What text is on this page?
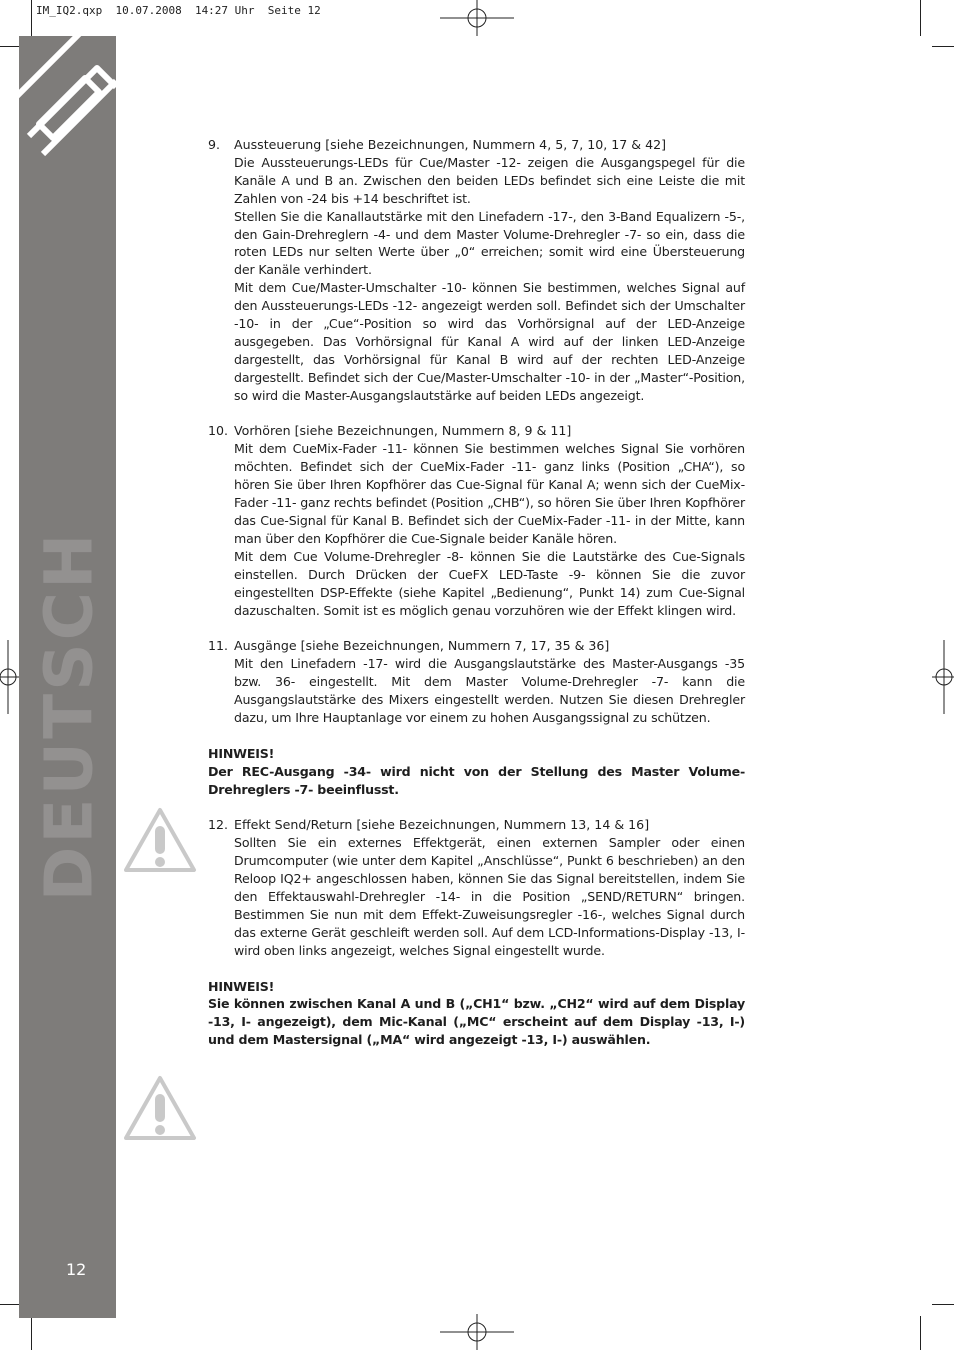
IM_IQ2.qxp  10.07.2008  14:27 Uhr  Seite 12
DEUTSCH
12
9.	Aussteuerung [siehe Bezeichnungen, Nummern 4, 5, 7, 10, 17 & 42]
Die Aussteuerungs-LEDs für Cue/Master -12- zeigen die Ausgangspegel für die Kanäle A und B an. Zwischen den beiden LEDs befindet sich eine Leiste die mit Zahlen von -24 bis +14 beschriftet ist.
Stellen Sie die Kanallautstärke mit den Linefadern -17-, den 3-Band Equalizern -5-, den Gain-Drehreglern -4- und dem Master Volume-Drehregler -7- so ein, dass die roten LEDs nur selten Werte über „0“ erreichen; somit wird eine Übersteuerung der Kanäle verhindert.
Mit dem Cue/Master-Umschalter -10- können Sie bestimmen, welches Signal auf den Aussteuerungs-LEDs -12- angezeigt werden soll. Befindet sich der Umschalter -10- in der „Cue“-Position so wird das Vorhörsignal auf der LED-Anzeige ausgegeben. Das Vorhörsignal für Kanal A wird auf der linken LED-Anzeige dargestellt, das Vorhörsignal für Kanal B wird auf der rechten LED-Anzeige dargestellt. Befindet sich der Cue/Master-Umschalter -10- in der „Master“-Position, so wird die Master-Ausgangslautstärke auf beiden LEDs angezeigt.
10. Vorhören [siehe Bezeichnungen, Nummern 8, 9 & 11]
Mit dem CueMix-Fader -11- können Sie bestimmen welches Signal Sie vorhören möchten. Befindet sich der CueMix-Fader -11- ganz links (Position „CHA“), so hören Sie über Ihren Kopfhörer das Cue-Signal für Kanal A; wenn sich der CueMix-Fader -11- ganz rechts befindet (Position „CHB“), so hören Sie über Ihren Kopfhörer das Cue-Signal für Kanal B. Befindet sich der CueMix-Fader -11- in der Mitte, kann man über den Kopfhörer die Cue-Signale beider Kanäle hören.
Mit dem Cue Volume-Drehregler -8- können Sie die Lautstärke des Cue-Signals einstellen. Durch Drücken der CueFX LED-Taste -9- können Sie die zuvor eingestellten DSP-Effekte (siehe Kapitel „Bedienung“, Punkt 14) zum Cue-Signal dazuschalten. Somit ist es möglich genau vorzuhören wie der Effekt klingen wird.
11. Ausgänge [siehe Bezeichnungen, Nummern 7, 17, 35 & 36]
Mit den Linefadern -17- wird die Ausgangslautstärke des Master-Ausgangs -35 bzw. 36- eingestellt. Mit dem Master Volume-Drehregler -7- kann die Ausgangslautstärke des Mixers eingestellt werden. Nutzen Sie diesen Drehregler dazu, um Ihre Hauptanlage vor einem zu hohen Ausgangssignal zu schützen.
HINWEIS!
Der REC-Ausgang -34- wird nicht von der Stellung des Master Volume-Drehreglers -7- beeinflusst.
12. Effekt Send/Return [siehe Bezeichnungen, Nummern 13, 14 & 16]
Sollten Sie ein externes Effektgerät, einen externen Sampler oder einen Drumcomputer (wie unter dem Kapitel „Anschlüsse“, Punkt 6 beschrieben) an den Reloop IQ2+ angeschlossen haben, können Sie das Signal bereitstellen, indem Sie den Effektauswahl-Drehregler -14- in die Position „SEND/RETURN“ bringen. Bestimmen Sie nun mit dem Effekt-Zuweisungsregler -16-, welches Signal durch das externe Gerät geschleift werden soll. Auf dem LCD-Informations-Display -13, I- wird oben links angezeigt, welches Signal eingestellt wurde.
HINWEIS!
Sie können zwischen Kanal A und B („CH1“ bzw. „CH2“ wird auf dem Display -13, I- angezeigt), dem Mic-Kanal („MC“ erscheint auf dem Display -13, I-) und dem Mastersignal („MA“ wird angezeigt -13, I-) auswählen.
